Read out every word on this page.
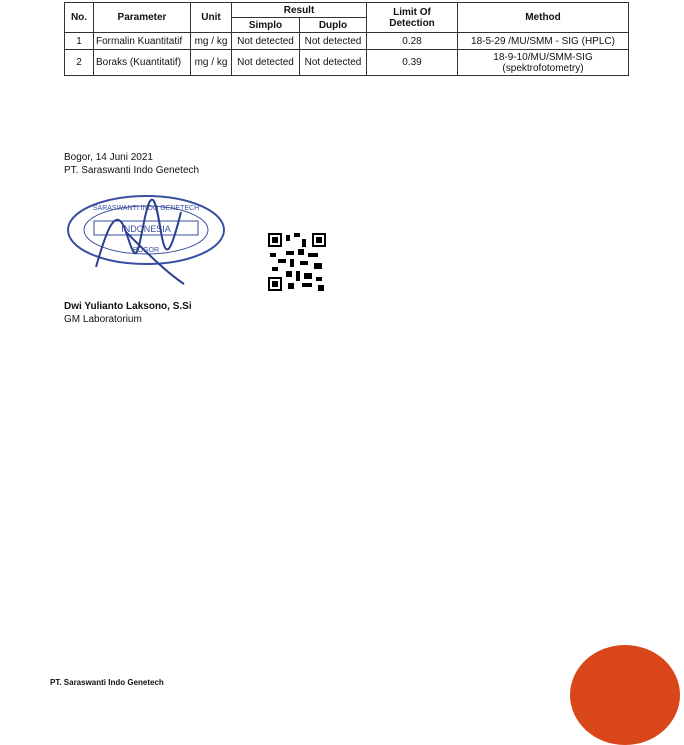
No.	Parameter	Unit	Result		Limit Of Detection	Method
			Simplo	Duplo		
1	Formalin Kuantitatif	mg / kg	Not detected	Not detected	0.28	18-5-29 /MU/SMM - SIG (HPLC)
2	Boraks (Kuantitatif)	mg / kg	Not detected	Not detected	0.39	18-9-10/MU/SMM-SIG
(spektrofotometry)
Bogor, 14 Juni 2021
PT. Saraswanti Indo Genetech
INDONESIA
BOGOR
SARASWANTI INDO GENETECH
Dwi Yulianto Laksono, S.Si
GM Laboratorium
PT. Saraswanti Indo Genetech
